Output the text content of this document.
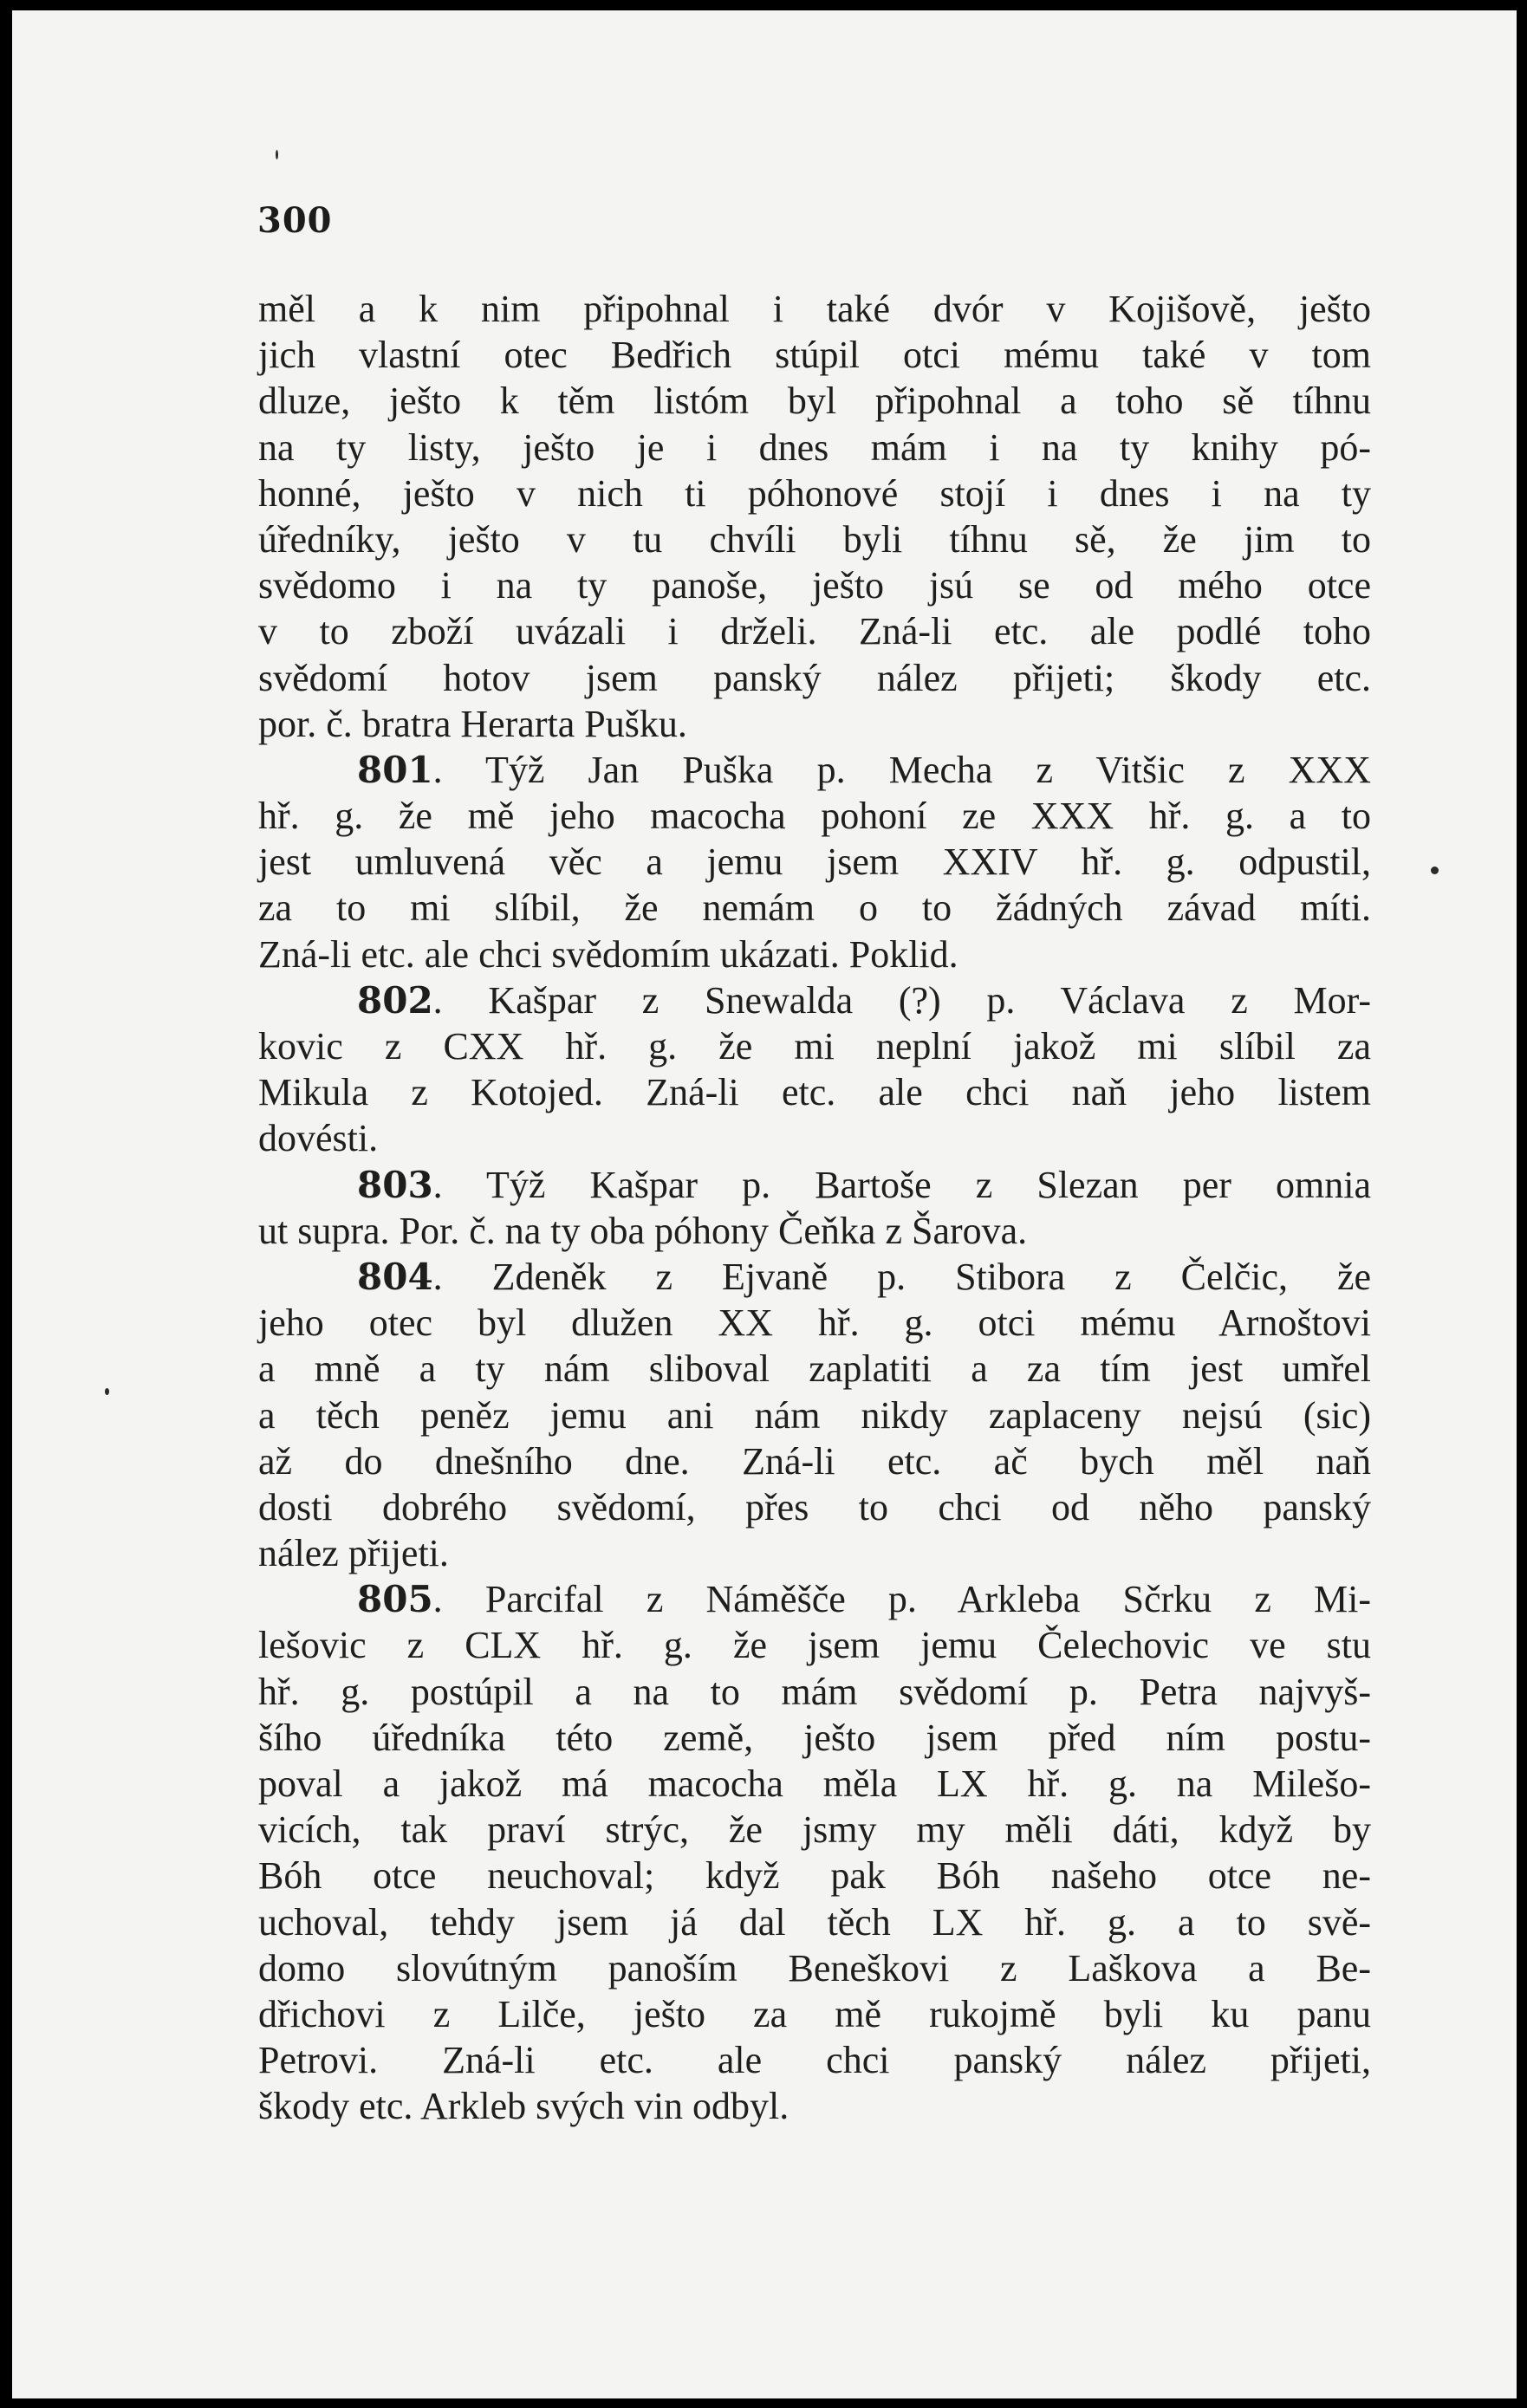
300
měl a k nim připohnal i také dvór v Kojišově, ješto
jich vlastní otec Bedřich stúpil otci mému také v tom
dluze, ješto k těm listóm byl připohnal a toho sě tíhnu
na ty listy, ješto je i dnes mám i na ty knihy pó-
honné, ješto v nich ti póhonové stojí i dnes i na ty
úředníky, ješto v tu chvíli byli tíhnu sě, že jim to
svědomo i na ty panoše, ješto jsú se od mého otce
v to zboží uvázali i drželi. Zná-li etc. ale podlé toho
svědomí hotov jsem panský nález přijeti; škody etc.
por. č. bratra Herarta Pušku.
801. Týž Jan Puška p. Mecha z Vitšic z XXX
hř. g. že mě jeho macocha pohoní ze XXX hř. g. a to
jest umluvená věc a jemu jsem XXIV hř. g. odpustil,
za to mi slíbil, že nemám o to žádných závad míti.
Zná-li etc. ale chci svědomím ukázati. Poklid.
802. Kašpar z Snewalda (?) p. Václava z Mor-
kovic z CXX hř. g. že mi neplní jakož mi slíbil za
Mikula z Kotojed. Zná-li etc. ale chci naň jeho listem
dovésti.
803. Týž Kašpar p. Bartoše z Slezan per omnia
ut supra. Por. č. na ty oba póhony Čeňka z Šarova.
804. Zdeněk z Ejvaně p. Stibora z Čelčic, že
jeho otec byl dlužen XX hř. g. otci mému Arnoštovi
a mně a ty nám sliboval zaplatiti a za tím jest umřel
a těch peněz jemu ani nám nikdy zaplaceny nejsú (sic)
až do dnešního dne. Zná-li etc. ač bych měl naň
dosti dobrého svědomí, přes to chci od něho panský
nález přijeti.
805. Parcifal z Náměšče p. Arkleba Sčrku z Mi-
lešovic z CLX hř. g. že jsem jemu Čelechovic ve stu
hř. g. postúpil a na to mám svědomí p. Petra najvyš-
šího úředníka této země, ješto jsem před ním postu-
poval a jakož má macocha měla LX hř. g. na Milešo-
vicích, tak praví strýc, že jsmy my měli dáti, když by
Bóh otce neuchoval; když pak Bóh našeho otce ne-
uchoval, tehdy jsem já dal těch LX hř. g. a to svě-
domo slovútným panoším Beneškovi z Laškova a Be-
dřichovi z Lilče, ješto za mě rukojmě byli ku panu
Petrovi. Zná-li etc. ale chci panský nález přijeti,
škody etc. Arkleb svých vin odbyl.
